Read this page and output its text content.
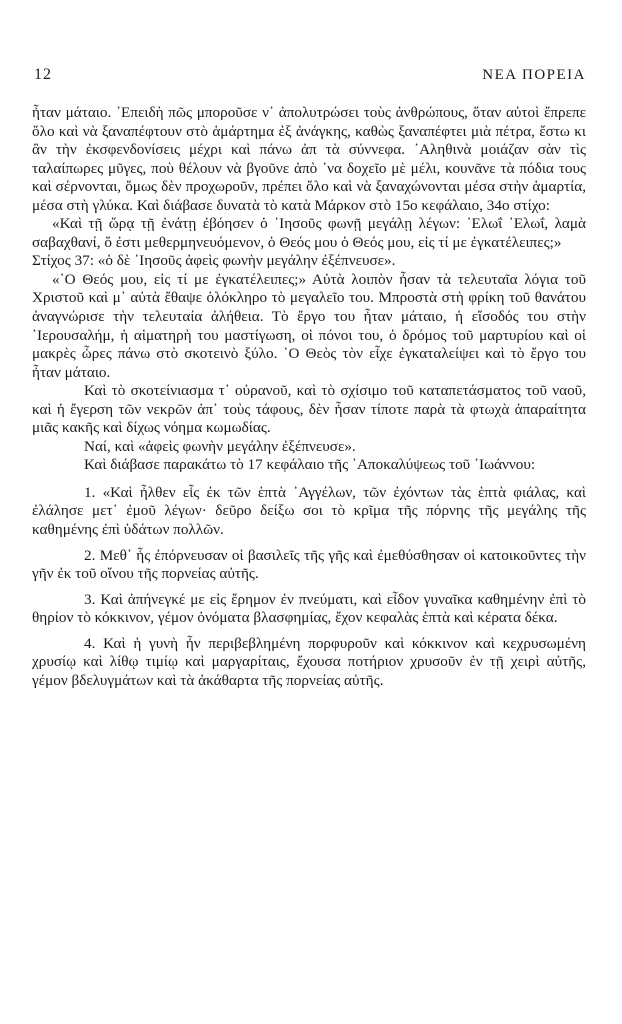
12	ΝΕΑ ΠΟΡΕΙΑ

ἦταν μάταιο. ᾿Επειδὴ πῶς μποροῦσε ν᾿ ἀπολυτρώσει τοὺς ἀνθρώπους, ὅταν αὐτοὶ ἔπρεπε ὅλο καὶ νὰ ξαναπέφτουν στὸ ἁμάρτημα ἐξ ἀνάγκης, καθὼς ξαναπέφτει μιὰ πέτρα, ἔστω κι ἂν τὴν ἐκσφενδονίσεις μέχρι καὶ πάνω ἀπ τὰ σύννεφα. ᾿Αληθινὰ μοιάζαν σὰν τὶς ταλαίπωρες μῦγες, ποὺ θέλουν νὰ βγοῦνε ἀπὸ ᾿να δοχεῖο μὲ μέλι, κουνᾶνε τὰ πόδια τους καὶ σέρνονται, ὅμως δὲν προχωροῦν, πρέπει ὅλο καὶ νὰ ξαναχώνονται μέσα στὴν ἁμαρτία, μέσα στὴ γλύκα. Καὶ διάβασε δυνατὰ τὸ κατὰ Μάρκον στὸ 15ο κεφάλαιο, 34ο στίχο:

«Καὶ τῇ ὥρᾳ τῇ ἐνάτῃ ἐβόησεν ὁ ᾿Ιησοῦς φωνῇ μεγάλῃ λέγων: ᾿Ελωΐ ᾿Ελωΐ, λαμὰ σαβαχθανί, ὅ ἐστι μεθερμηνευόμενον, ὁ Θεός μου ὁ Θεός μου, εἰς τί με ἐγκατέλειπες;»

Στίχος 37: «ὁ δὲ ᾿Ιησοῦς ἀφεὶς φωνὴν μεγάλην ἐξέπνευσε».

«῾Ο Θεός μου, εἰς τί με ἐγκατέλειπες;» Αὐτὰ λοιπὸν ἦσαν τὰ τελευταῖα λόγια τοῦ Χριστοῦ καὶ μ᾿ αὐτὰ ἔθαψε ὁλόκληρο τὸ μεγαλεῖο του. Μπροστὰ στὴ φρίκη τοῦ θανάτου ἀναγνώρισε τὴν τελευταία ἀλήθεια. Τὸ ἔργο του ἦταν μάταιο, ἡ εἴσοδός του στὴν ῾Ιερουσαλήμ, ἡ αἱματηρὴ του μαστίγωση, οἱ πόνοι του, ὁ δρόμος τοῦ μαρτυρίου καὶ οἱ μακρὲς ὧρες πάνω στὸ σκοτεινὸ ξύλο. ῾Ο Θεὸς τὸν εἶχε ἐγκαταλείψει καὶ τὸ ἔργο του ἦταν μάταιο.

Καὶ τὸ σκοτείνιασμα τ᾿ οὐρανοῦ, καὶ τὸ σχίσιμο τοῦ καταπετάσματος τοῦ ναοῦ, καὶ ἡ ἔγερση τῶν νεκρῶν ἀπ᾿ τοὺς τάφους, δὲν ἦσαν τίποτε παρὰ τὰ φτωχὰ ἀπαραίτητα μιᾶς κακῆς καὶ δίχως νόημα κωμωδίας.

Ναί, καὶ «ἀφεὶς φωνὴν μεγάλην ἐξέπνευσε».

Καὶ διάβασε παρακάτω τὸ 17 κεφάλαιο τῆς ᾿Αποκαλύψεως τοῦ ᾿Ιωάννου:

1. «Καὶ ἦλθεν εἷς ἐκ τῶν ἑπτὰ ᾿Αγγέλων, τῶν ἐχόντων τὰς ἑπτὰ φιάλας, καὶ ἐλάλησε μετ᾿ ἐμοῦ λέγων· δεῦρο δείξω σοι τὸ κρῖμα τῆς πόρνης τῆς μεγάλης τῆς καθημένης ἐπὶ ὑδάτων πολλῶν.

2. Μεθ᾿ ἧς ἐπόρνευσαν οἱ βασιλεῖς τῆς γῆς καὶ ἐμεθύσθησαν οἱ κατοικοῦντες τὴν γῆν ἐκ τοῦ οἴνου τῆς πορνείας αὐτῆς.

3. Καὶ ἀπήνεγκέ με εἰς ἔρημον ἐν πνεύματι, καὶ εἶδον γυναῖκα καθημένην ἐπὶ τὸ θηρίον τὸ κόκκινον, γέμον ὀνόματα βλασφημίας, ἔχον κεφαλὰς ἑπτὰ καὶ κέρατα δέκα.

4. Καὶ ἡ γυνὴ ἦν περιβεβλημένη πορφυροῦν καὶ κόκκινον καὶ κεχρυσωμένη χρυσίῳ καὶ λίθῳ τιμίῳ καὶ μαργαρίταις, ἔχουσα ποτήριον χρυσοῦν ἐν τῇ χειρὶ αὐτῆς, γέμον βδελυγμάτων καὶ τὰ ἀκάθαρτα τῆς πορνείας αὐτῆς.
